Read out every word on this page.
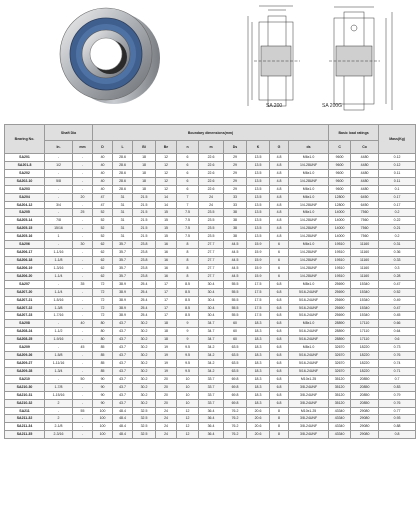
SA 200	SA 200G
Bearing No.	Shaft Dia		Boundary dimensions(mm)										Basic load ratings		Mass(Kg)
	In.	mm	D	L	Bi	Be	n	m	Ds	K	G	ds	C	Co	
SA201	-	-	40	28.6	18	12	6	22.6	29	13.5	4.8	M6x1.0	9600	4480	0.12
SA201-8	1/2	-	40	28.6	18	12	6	22.6	29	13.5	4.8	1/4-28UNF	9600	4480	0.12
SA202	-	-	40	28.6	18	12	6	22.6	29	13.5	4.8	M6x1.0	9600	4480	0.11
SA202-10	5/8	-	40	28.6	18	12	6	22.6	29	13.5	4.8	1/4-28UNF	9600	4480	0.11
SA203	-	-	40	28.6	18	12	6	22.6	29	13.5	4.8	M6x1.0	9600	4480	0.1
SA204	-	20	47	31	21.5	14	7	24	33	13.5	4.8	M6x1.0	12800	6450	0.17
SA204-12	3/4	-	47	31	21.5	14	7	24	33	13.5	4.8	1/4-28UNF	12800	6450	0.17
SA205	-	25	52	31	21.5	15	7.5	23.5	38	13.5	4.8	M6x1.0	14000	7560	0.2
SA205-14	7/8	-	52	31	21.5	15	7.5	23.5	38	13.5	4.8	1/4-28UNF	14000	7560	0.22
SA205-15	15/16	-	52	31	21.5	15	7.5	23.5	38	13.5	4.8	1/4-28UNF	14000	7560	0.21
SA205-16	1	-	52	31	21.5	15	7.5	23.5	38	13.5	4.8	1/4-28UNF	14000	7560	0.2
SA206	-	30	62	35.7	23.8	16	8	27.7	44.5	15.9	6	M6x1.0	19510	11160	0.31
SA206-17	1-1/16	-	62	35.7	23.8	16	8	27.7	44.5	15.9	6	1/4-28UNF	19510	11160	0.36
SA206-18	1-1/8	-	62	35.7	23.8	16	8	27.7	44.5	15.9	6	1/4-28UNF	19510	11160	0.33
SA206-19	1-3/16	-	62	35.7	23.8	16	8	27.7	44.5	15.9	6	1/4-28UNF	19510	11160	0.3
SA206-20	1-1/4	-	62	35.7	23.8	16	8	27.7	44.5	15.9	6	1/4-28UNF	19510	11160	0.28
SA207	-	35	72	38.9	25.4	17	8.5	30.4	55.5	17.5	6.8	M8x1.0	25690	15340	0.47
SA207-20	1-1/4	-	72	38.9	25.4	17	8.5	30.4	55.5	17.5	6.8	5/16-24UNF	25690	15340	0.52
SA207-21	1-5/16	-	72	38.9	25.4	17	8.5	30.4	55.5	17.5	6.8	5/16-24UNF	25690	15340	0.49
SA207-22	1-3/8	-	72	38.9	25.4	17	8.5	30.4	55.5	17.5	6.8	5/16-24UNF	25690	15340	0.47
SA207-23	1-7/16	-	72	38.9	25.4	17	8.5	30.4	55.5	17.5	6.8	5/16-24UNF	25690	15340	0.45
SA208	-	40	80	43.7	30.2	18	9	34.7	60	18.3	6.8	M8x1.0	28890	17110	0.66
SA208-24	1-1/2	-	80	43.7	30.2	18	9	34.7	60	18.3	6.8	5/16-24UNF	28890	17110	0.64
SA208-25	1-9/16	-	80	43.7	30.2	18	9	34.7	60	18.3	6.8	5/16-24UNF	28890	17110	0.6
SA209	-	45	85	43.7	30.2	19	9.5	34.2	63.5	18.3	6.8	M8x1.0	32670	18220	0.73
SA209-26	1-5/8	-	85	43.7	30.2	19	9.5	34.2	63.5	18.3	6.8	5/16-24UNF	32670	18220	0.76
SA209-27	1-11/16	-	85	43.7	30.2	19	9.5	34.2	63.5	18.3	6.8	5/16-24UNF	32670	18220	0.74
SA209-28	1-3/4	-	85	43.7	30.2	19	9.5	34.2	63.5	18.3	6.8	5/16-24UNF	32670	18220	0.71
SA210	-	50	90	43.7	30.2	20	10	33.7	69.8	18.3	6.8	M10x1.25	35120	20850	0.7
SA210-30	1-7/8	-	90	43.7	30.2	20	10	33.7	69.8	18.3	6.8	3/8-24UNF	35120	20850	0.83
SA210-31	1-15/16	-	90	43.7	30.2	20	10	33.7	69.8	18.3	6.8	3/8-24UNF	35120	20850	0.79
SA210-32	2	-	90	43.7	30.2	20	10	33.7	69.8	18.3	6.8	3/8-24UNF	35120	20850	0.76
SA211	-	55	100	48.4	32.5	24	12	36.4	76.2	20.6	8	M10x1.25	43340	29080	0.77
SA211-32	2	-	100	48.4	32.5	24	12	36.4	76.2	20.6	8	3/8-24UNF	43340	29080	0.93
SA211-34	2-1/8	-	100	48.4	32.5	24	12	36.4	76.2	20.6	8	3/8-24UNF	43340	29080	0.88
SA211-35	2-3/16	-	100	48.4	32.5	24	12	36.4	76.2	20.6	8	3/8-24UNF	43340	29080	0.8
